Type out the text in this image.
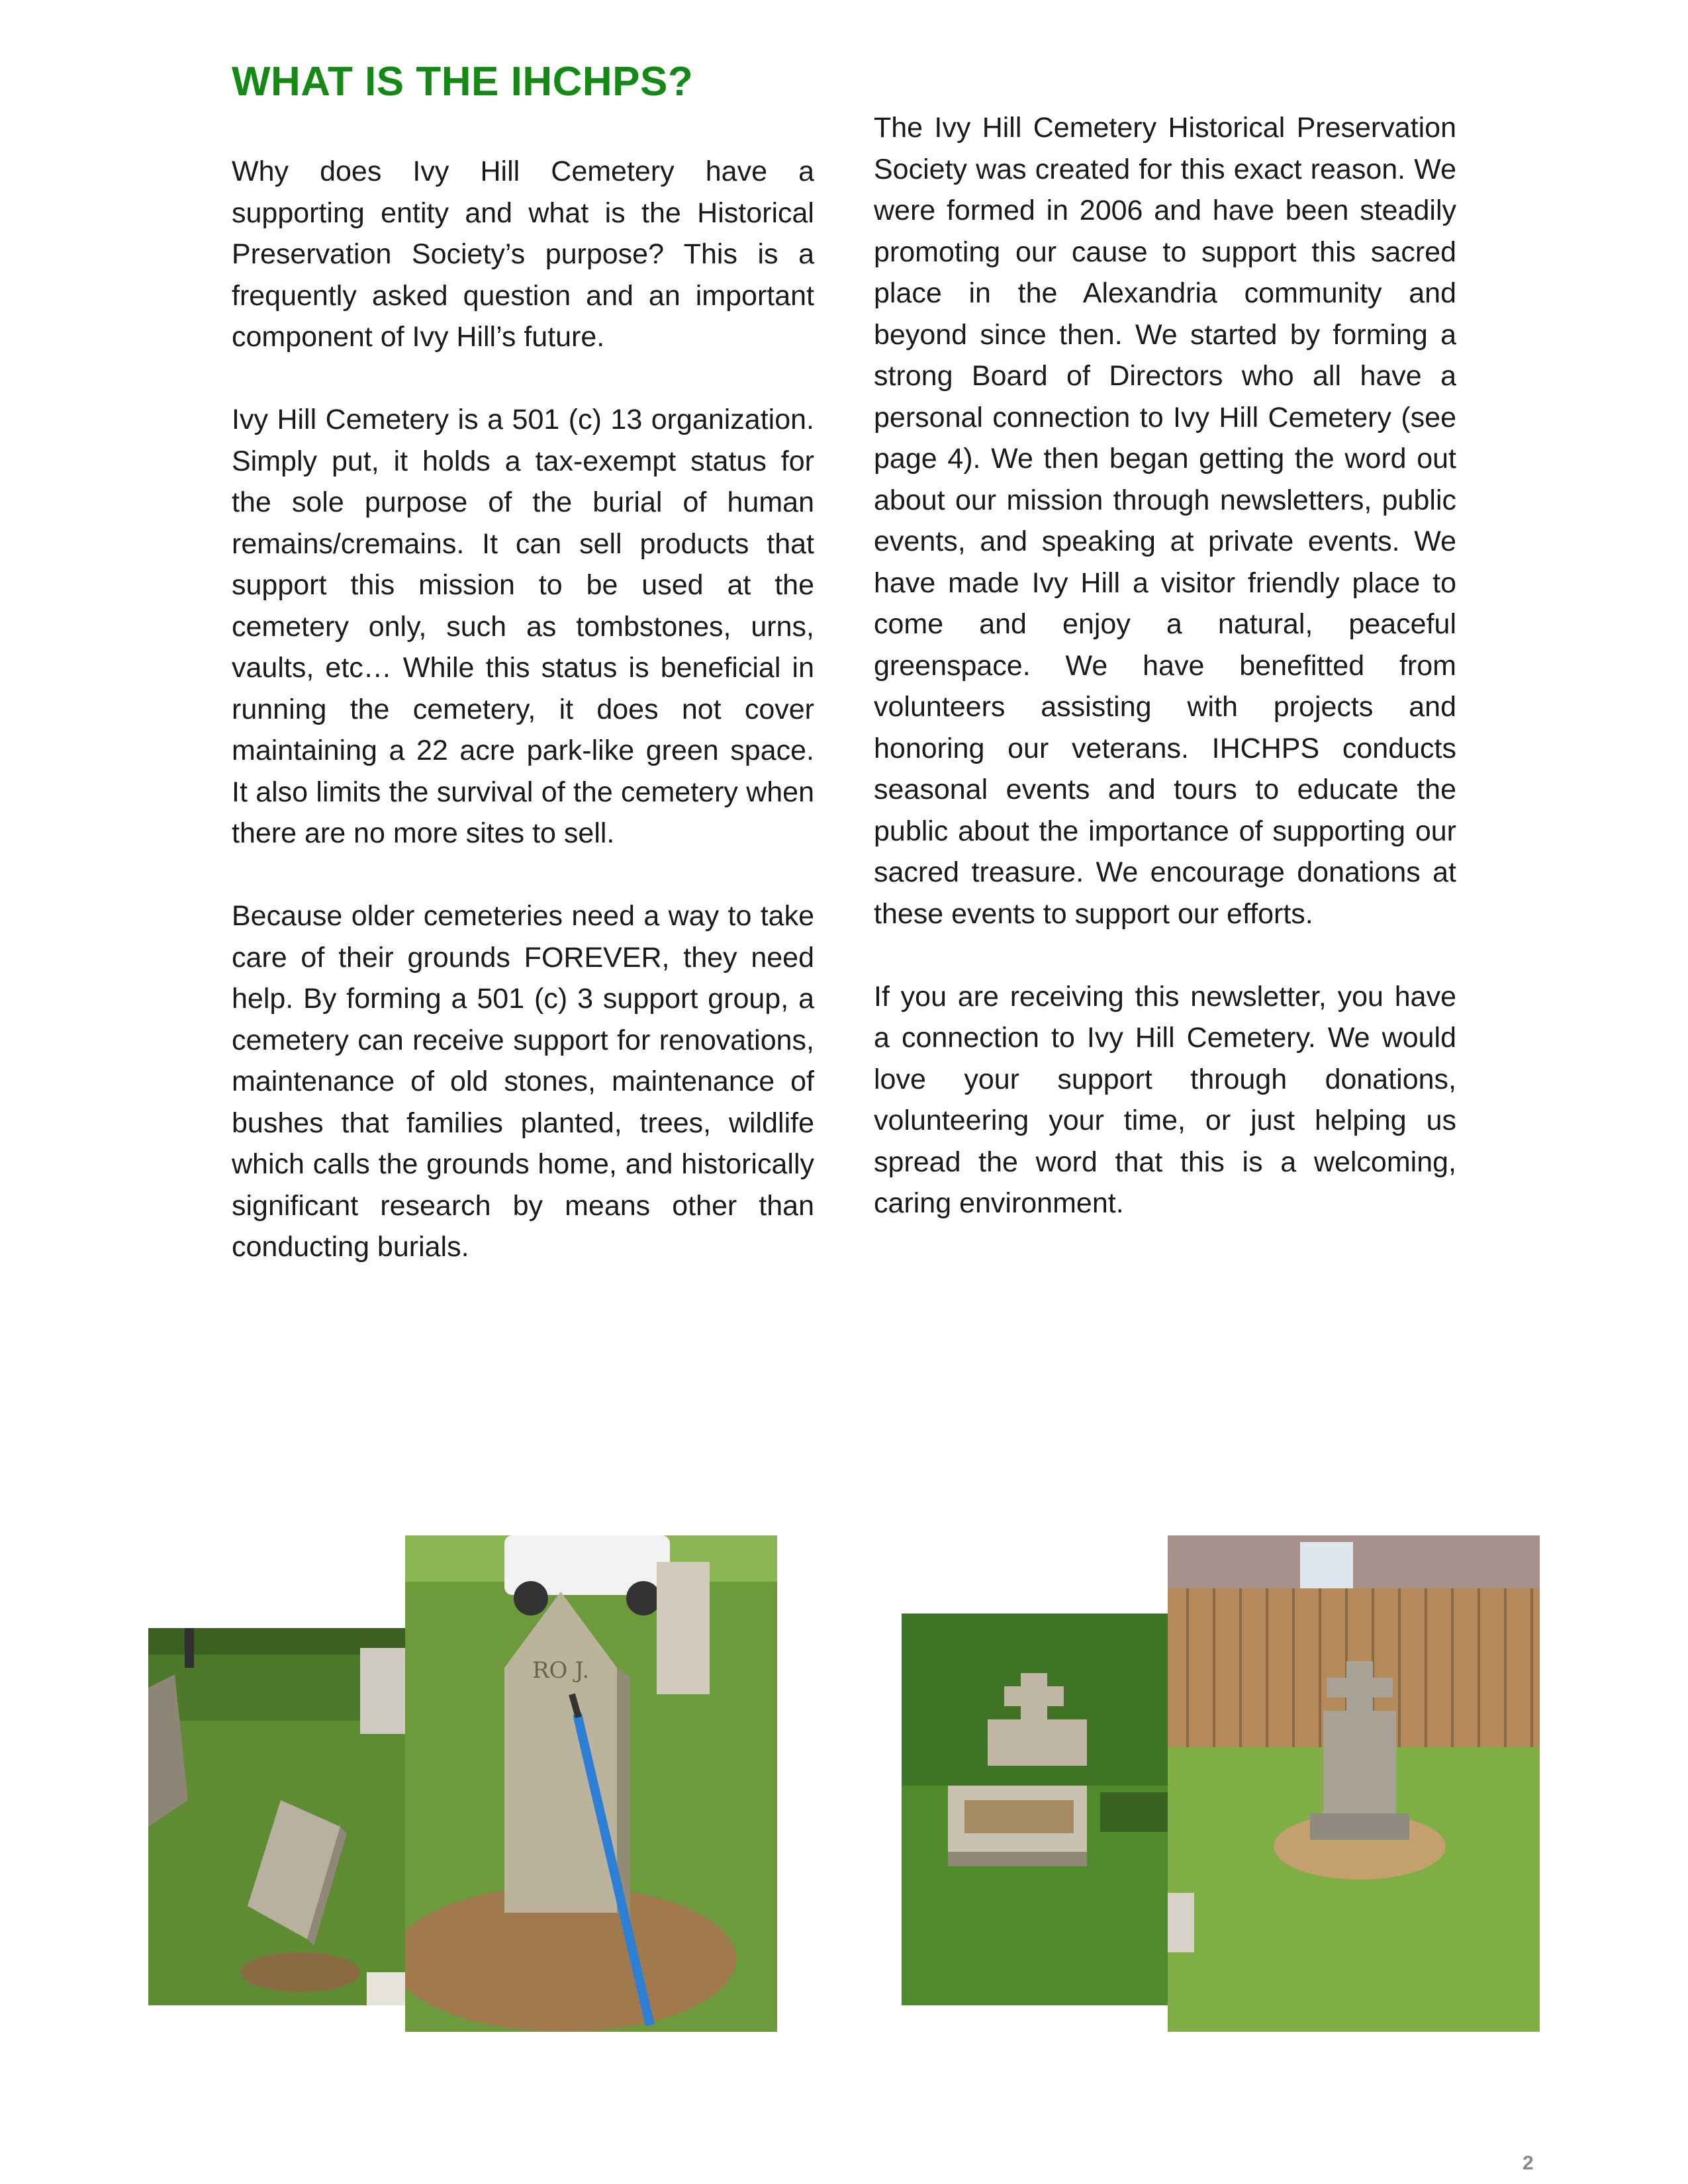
WHAT IS THE IHCHPS?

Why does Ivy Hill Cemetery have a supporting entity and what is the Historical Preservation Society’s purpose? This is a frequently asked question and an important component of Ivy Hill’s future.

Ivy Hill Cemetery is a 501 (c) 13 organization. Simply put, it holds a tax-exempt status for the sole purpose of the burial of human remains/cremains. It can sell products that support this mission to be used at the cemetery only, such as tombstones, urns, vaults, etc… While this status is beneficial in running the cemetery, it does not cover maintaining a 22 acre park-like green space. It also limits the survival of the cemetery when there are no more sites to sell.

Because older cemeteries need a way to take care of their grounds FOREVER, they need help. By forming a 501 (c) 3 support group, a cemetery can receive support for renovations, maintenance of old stones, maintenance of bushes that families planted, trees, wildlife which calls the grounds home, and historically significant research by means other than conducting burials.

The Ivy Hill Cemetery Historical Preservation Society was created for this exact reason. We were formed in 2006 and have been steadily promoting our cause to support this sacred place in the Alexandria community and beyond since then. We started by forming a strong Board of Directors who all have a personal connection to Ivy Hill Cemetery (see page 4). We then began getting the word out about our mission through newsletters, public events, and speaking at private events. We have made Ivy Hill a visitor friendly place to come and enjoy a natural, peaceful greenspace. We have benefitted from volunteers assisting with projects and honoring our veterans. IHCHPS conducts seasonal events and tours to educate the public about the importance of supporting our sacred treasure. We encourage donations at these events to support our efforts.

If you are receiving this newsletter, you have a connection to Ivy Hill Cemetery. We would love your support through donations, volunteering your time, or just helping us spread the word that this is a welcoming, caring environment.

RO J.
2
